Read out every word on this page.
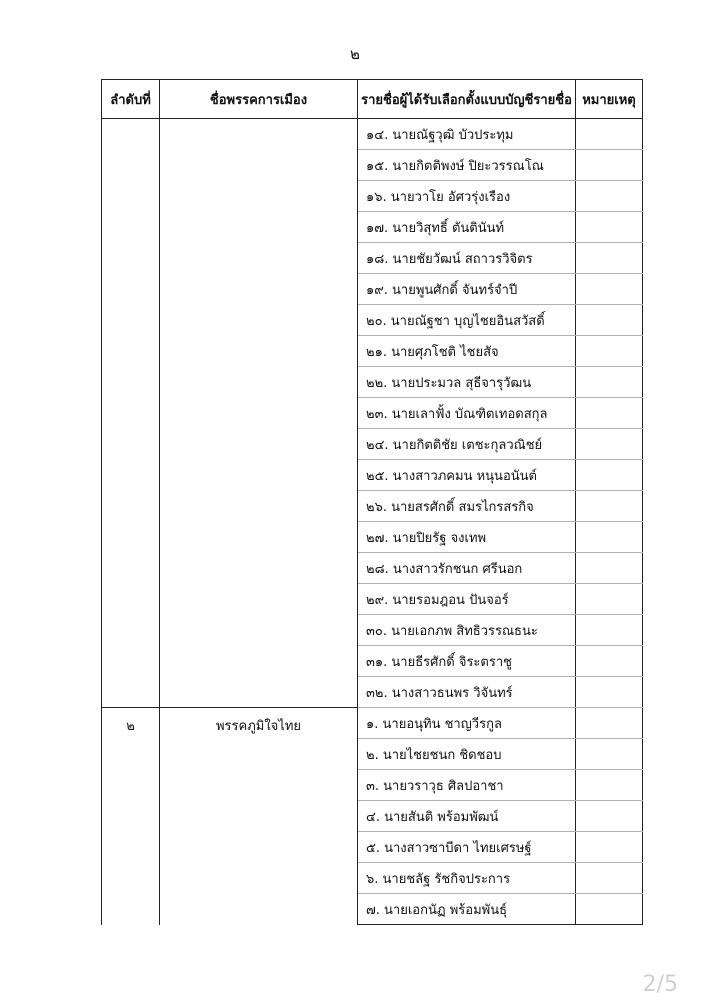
๒
ลำดับที่	ชื่อพรรคการเมือง	รายชื่อผู้ได้รับเลือกตั้งแบบบัญชีรายชื่อ	หมายเหตุ
		๑๔. นายณัฐวุฒิ บัวประทุม	
		๑๕. นายกิตติพงษ์ ปิยะวรรณโณ	
		๑๖. นายวาโย อัศวรุ่งเรือง	
		๑๗. นายวิสุทธิ์ ตันตินันท์	
		๑๘. นายชัยวัฒน์ สถาวรวิจิตร	
		๑๙. นายพูนศักดิ์ จันทร์จำปี	
		๒๐. นายณัฐชา บุญไชยอินสวัสดิ์	
		๒๑. นายศุภโชติ ไชยสัจ	
		๒๒. นายประมวล สุธีจารุวัฒน	
		๒๓. นายเลาฟั้ง บัณฑิตเทอดสกุล	
		๒๔. นายกิตติชัย เตชะกุลวณิชย์	
		๒๕. นางสาวภคมน หนุนอนันต์	
		๒๖. นายสรศักดิ์ สมรไกรสรกิจ	
		๒๗. นายปิยรัฐ จงเทพ	
		๒๘. นางสาวรักชนก ศรีนอก	
		๒๙. นายรอมฎอน ปันจอร์	
		๓๐. นายเอกภพ สิทธิวรรณธนะ	
		๓๑. นายธีรศักดิ์ จิระตราชู	
		๓๒. นางสาวธนพร วิจันทร์	
๒	พรรคภูมิใจไทย	๑. นายอนุทิน ชาญวีรกูล	
		๒. นายไชยชนก ชิดชอบ	
		๓. นายวราวุธ ศิลปอาชา	
		๔. นายสันติ พร้อมพัฒน์	
		๕. นางสาวซาบีดา ไทยเศรษฐ์	
		๖. นายชลัฐ รัชกิจประการ	
		๗. นายเอกนัฏ พร้อมพันธุ์	
2/5
